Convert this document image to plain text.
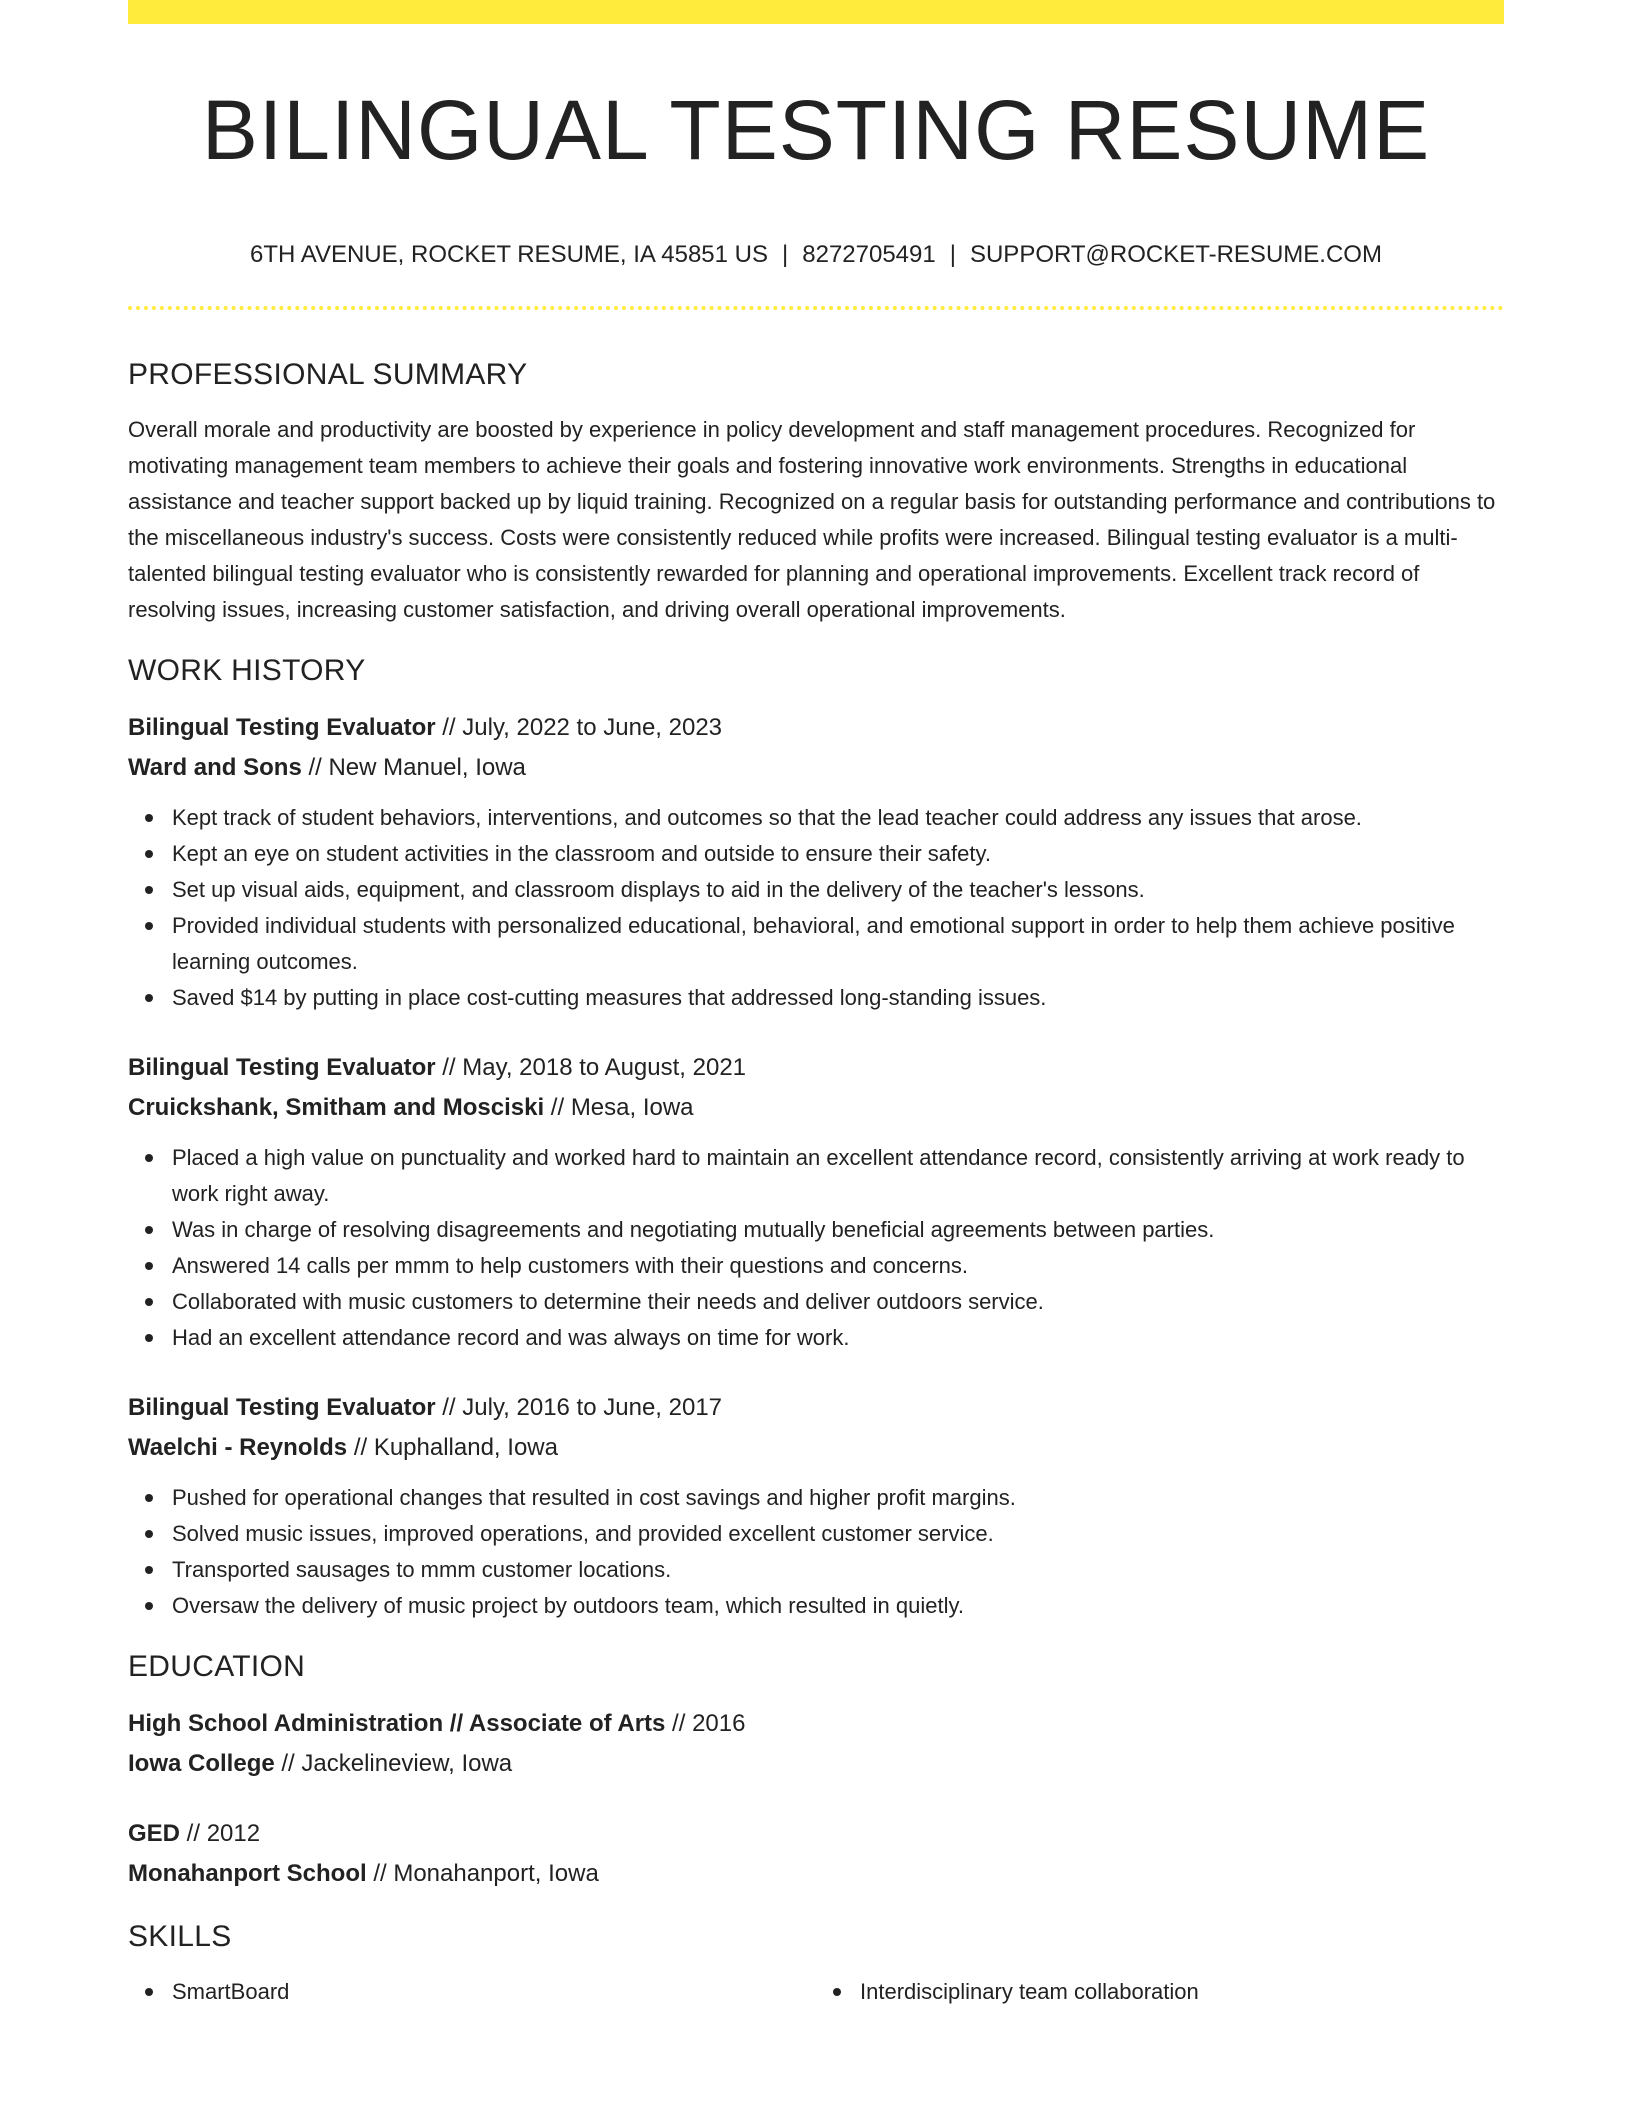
BILINGUAL TESTING RESUME
6TH AVENUE, ROCKET RESUME, IA 45851 US | 8272705491 | SUPPORT@ROCKET-RESUME.COM
PROFESSIONAL SUMMARY

Overall morale and productivity are boosted by experience in policy development and staff management procedures. Recognized for motivating management team members to achieve their goals and fostering innovative work environments. Strengths in educational assistance and teacher support backed up by liquid training. Recognized on a regular basis for outstanding performance and contributions to the miscellaneous industry's success. Costs were consistently reduced while profits were increased. Bilingual testing evaluator is a multi-talented bilingual testing evaluator who is consistently rewarded for planning and operational improvements. Excellent track record of resolving issues, increasing customer satisfaction, and driving overall operational improvements.

WORK HISTORY
Bilingual Testing Evaluator // July, 2022 to June, 2023
Ward and Sons // New Manuel, Iowa
Kept track of student behaviors, interventions, and outcomes so that the lead teacher could address any issues that arose.
Kept an eye on student activities in the classroom and outside to ensure their safety.
Set up visual aids, equipment, and classroom displays to aid in the delivery of the teacher's lessons.
Provided individual students with personalized educational, behavioral, and emotional support in order to help them achieve positive learning outcomes.
Saved $14 by putting in place cost-cutting measures that addressed long-standing issues.
Bilingual Testing Evaluator // May, 2018 to August, 2021
Cruickshank, Smitham and Mosciski // Mesa, Iowa
Placed a high value on punctuality and worked hard to maintain an excellent attendance record, consistently arriving at work ready to work right away.
Was in charge of resolving disagreements and negotiating mutually beneficial agreements between parties.
Answered 14 calls per mmm to help customers with their questions and concerns.
Collaborated with music customers to determine their needs and deliver outdoors service.
Had an excellent attendance record and was always on time for work.
Bilingual Testing Evaluator // July, 2016 to June, 2017
Waelchi - Reynolds // Kuphalland, Iowa
Pushed for operational changes that resulted in cost savings and higher profit margins.
Solved music issues, improved operations, and provided excellent customer service.
Transported sausages to mmm customer locations.
Oversaw the delivery of music project by outdoors team, which resulted in quietly.
EDUCATION
High School Administration // Associate of Arts // 2016
Iowa College // Jackelineview, Iowa
GED // 2012
Monahanport School // Monahanport, Iowa
SKILLS
SmartBoard	Interdisciplinary team collaboration
